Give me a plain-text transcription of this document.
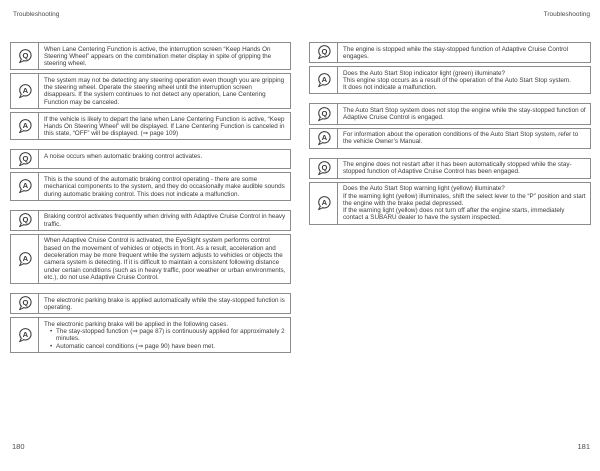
Troubleshooting
Q

When Lane Centering Function is active, the interruption screen “Keep Hands On Steering Wheel” appears on the combination meter display in spite of gripping the steering wheel.

A

The system may not be detecting any steering operation even though you are gripping the steering wheel. Operate the steering wheel until the interruption screen disappears. If the system continues to not detect any operation, Lane Centering Function may be canceled.

A

If the vehicle is likely to depart the lane when Lane Centering Function is active, “Keep Hands On Steering Wheel” will be displayed. If Lane Centering Function is canceled in this state, “OFF” will be displayed. (⇒ page 109)

Q	A noise occurs when automatic braking control activates.

A

This is the sound of the automatic braking control operating - there are some mechanical components to the system, and they do occasionally make audible sounds during automatic braking control. This does not indicate a malfunction.

Q	Braking control activates frequently when driving with Adaptive Cruise Control in heavy traffic.

A

When Adaptive Cruise Control is activated, the EyeSight system performs control based on the movement of vehicles or objects in front. As a result, acceleration and deceleration may be more frequent while the system adjusts to vehicles or objects the camera system is detecting. If it is difficult to maintain a consistent following distance under certain conditions (such as in heavy traffic, poor weather or urban environments, etc.), do not use Adaptive Cruise Control.

Q	The electronic parking brake is applied automatically while the stay-stopped function is operating.

A

The electronic parking brake will be applied in the following cases.

• The stay-stopped function (⇒ page 87) is continuously applied for approximately 2 minutes.
• Automatic cancel conditions (⇒ page 90) have been met.
180
Troubleshooting
Q	The engine is stopped while the stay-stopped function of Adaptive Cruise Control engages.

A

Does the Auto Start Stop indicator light (green) illuminate?

This engine stop occurs as a result of the operation of the Auto Start Stop system.

It does not indicate a malfunction.

Q	The Auto Start Stop system does not stop the engine while the stay-stopped function of Adaptive Cruise Control is engaged.

A	For information about the operation conditions of the Auto Start Stop system, refer to the vehicle Owner’s Manual.

Q	The engine does not restart after it has been automatically stopped while the stay-stopped function of Adaptive Cruise Control has been engaged.

A

Does the Auto Start Stop warning light (yellow) illuminate?

If the warning light (yellow) illuminates, shift the select lever to the “P” position and start the engine with the brake pedal depressed.

If the warning light (yellow) does not turn off after the engine starts, immediately contact a SUBARU dealer to have the system inspected.

181
